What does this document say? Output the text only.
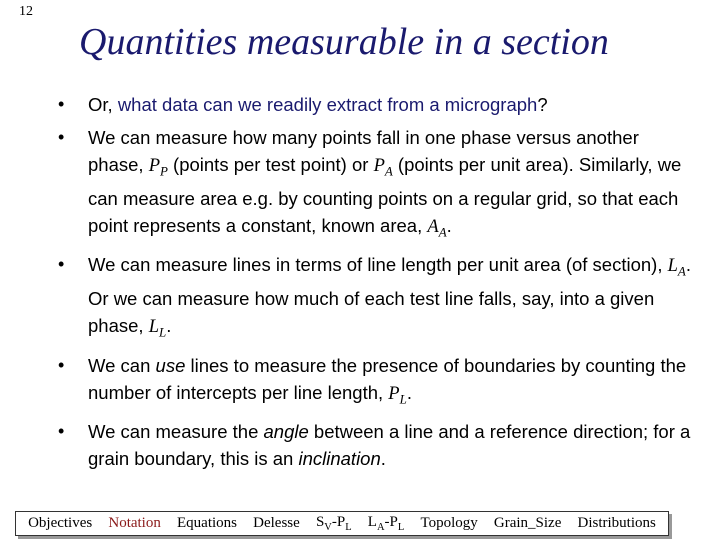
12
Quantities measurable in a section
• Or, what data can we readily extract from a micrograph?
• We can measure how many points fall in one phase versus another phase, $P_P$ (points per test point) or $P_A$ (points per unit area). Similarly, we can measure area e.g. by counting points on a regular grid, so that each point represents a constant, known area, $A_A$.
• We can measure lines in terms of line length per unit area (of section), $L_A$. Or we can measure how much of each test line falls, say, into a given phase, $L_L$.
• We can use lines to measure the presence of boundaries by counting the number of intercepts per line length, $P_L$.
• We can measure the angle between a line and a reference direction; for a grain boundary, this is an inclination.
Objectives Notation Equations Delesse $S_V-P_L$ $L_A-P_L$ Topology Grain_Size Distributions
